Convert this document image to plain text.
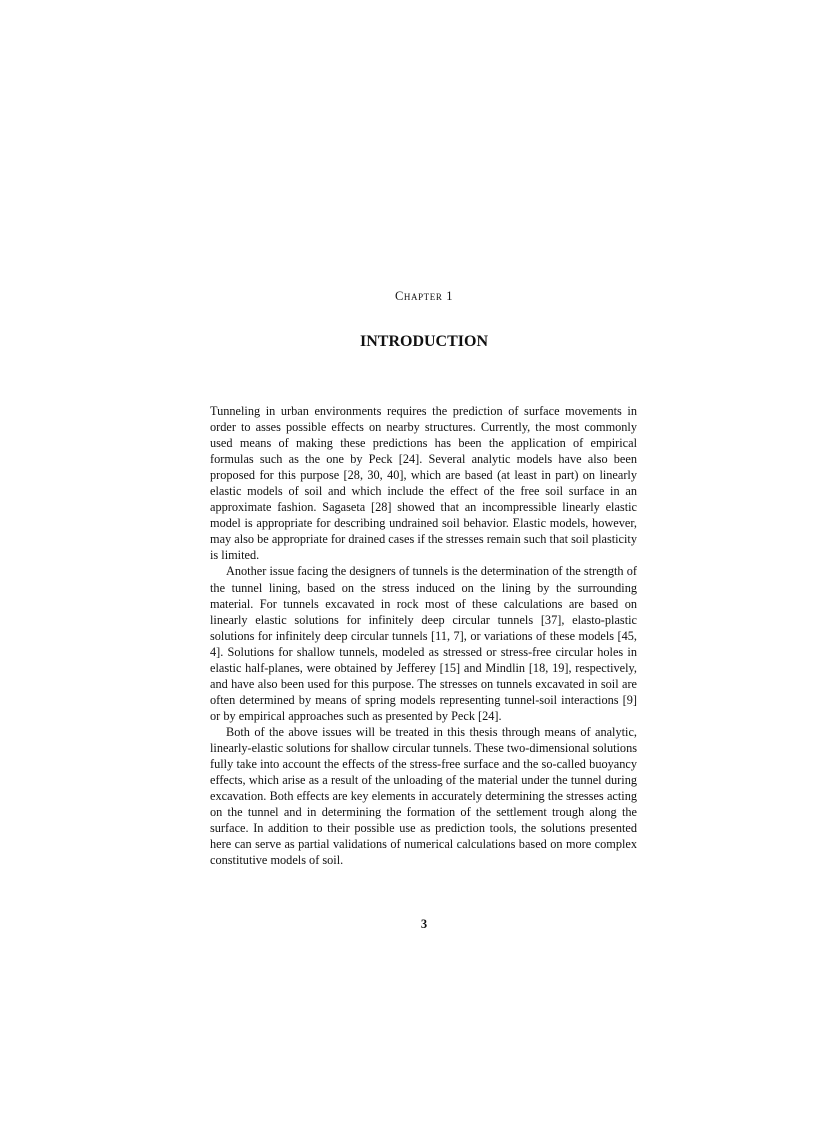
Chapter 1
INTRODUCTION

Tunneling in urban environments requires the prediction of surface movements in order to asses possible effects on nearby structures. Currently, the most commonly used means of making these predictions has been the application of empirical formulas such as the one by Peck [24]. Several analytic models have also been proposed for this purpose [28, 30, 40], which are based (at least in part) on linearly elastic models of soil and which include the effect of the free soil surface in an approximate fashion. Sagaseta [28] showed that an incompressible linearly elastic model is appropriate for describing undrained soil behavior. Elastic models, however, may also be appropriate for drained cases if the stresses remain such that soil plasticity is limited.

Another issue facing the designers of tunnels is the determination of the strength of the tunnel lining, based on the stress induced on the lining by the surrounding material. For tunnels excavated in rock most of these calculations are based on linearly elastic solutions for infinitely deep circular tunnels [37], elasto-plastic solutions for infinitely deep circular tunnels [11, 7], or variations of these models [45, 4]. Solutions for shallow tunnels, modeled as stressed or stress-free circular holes in elastic half-planes, were obtained by Jefferey [15] and Mindlin [18, 19], respectively, and have also been used for this purpose. The stresses on tunnels excavated in soil are often determined by means of spring models representing tunnel-soil interactions [9] or by empirical approaches such as presented by Peck [24].

Both of the above issues will be treated in this thesis through means of analytic, linearly-elastic solutions for shallow circular tunnels. These two-dimensional solutions fully take into account the effects of the stress-free surface and the so-called buoyancy effects, which arise as a result of the unloading of the material under the tunnel during excavation. Both effects are key elements in accurately determining the stresses acting on the tunnel and in determining the formation of the settlement trough along the surface. In addition to their possible use as prediction tools, the solutions presented here can serve as partial validations of numerical calculations based on more complex constitutive models of soil.

3
